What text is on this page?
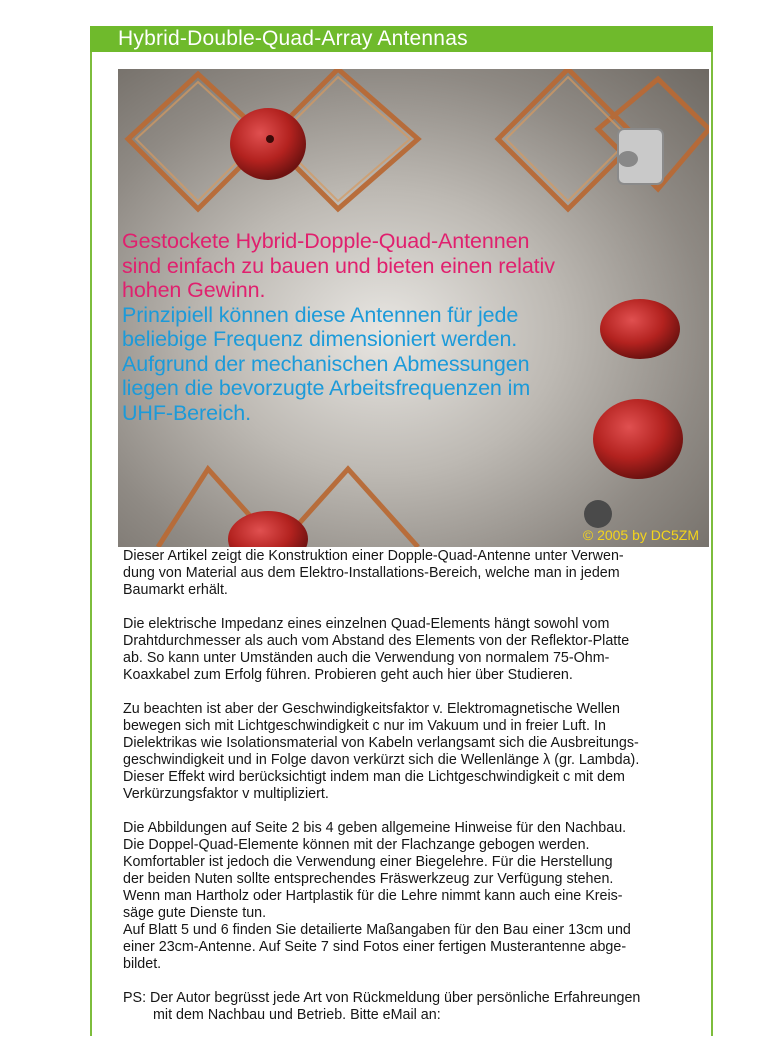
Hybrid-Double-Quad-Array Antennas
Gestockete Hybrid-Dopple-Quad-Antennen
sind einfach zu bauen und bieten einen relativ
hohen Gewinn.
Prinzipiell können diese Antennen für jede
beliebige Frequenz dimensioniert werden.
Aufgrund der mechanischen Abmessungen
liegen die bevorzugte Arbeitsfrequenzen im
UHF-Bereich.
© 2005 by DC5ZM

Dieser Artikel zeigt die Konstruktion einer Dopple-Quad-Antenne unter Verwen-
dung von Material aus dem Elektro-Installations-Bereich, welche man in jedem
Baumarkt erhält.

Die elektrische Impedanz eines einzelnen Quad-Elements hängt sowohl vom
Drahtdurchmesser als auch vom Abstand des Elements von der Reflektor-Platte
ab. So kann unter Umständen auch die Verwendung von normalem 75-Ohm-
Koaxkabel zum Erfolg führen. Probieren geht auch hier über Studieren.

Zu beachten ist aber der Geschwindigkeitsfaktor v. Elektromagnetische Wellen
bewegen sich mit Lichtgeschwindigkeit c nur im Vakuum und in freier Luft. In
Dielektrikas wie Isolationsmaterial von Kabeln verlangsamt sich die Ausbreitungs-
geschwindigkeit und in Folge davon verkürzt sich die Wellenlänge λ (gr. Lambda).
Dieser Effekt wird berücksichtigt indem man die Lichtgeschwindigkeit c mit dem
Verkürzungsfaktor v multipliziert.

Die Abbildungen auf Seite 2 bis 4 geben allgemeine Hinweise für den Nachbau.
Die Doppel-Quad-Elemente können mit der Flachzange gebogen werden.
Komfortabler ist jedoch die Verwendung einer Biegelehre. Für die Herstellung
der beiden Nuten sollte entsprechendes Fräswerkzeug zur Verfügung stehen.
Wenn man Hartholz oder Hartplastik für die Lehre nimmt kann auch eine Kreis-
säge gute Dienste tun.

Auf Blatt 5 und 6 finden Sie detailierte Maßangaben für den Bau einer 13cm und
einer 23cm-Antenne. Auf Seite 7 sind Fotos einer fertigen Musterantenne abge-
bildet.

PS: Der Autor begrüsst jede Art von Rückmeldung über persönliche Erfahreungen
mit dem Nachbau und Betrieb. Bitte eMail an:
